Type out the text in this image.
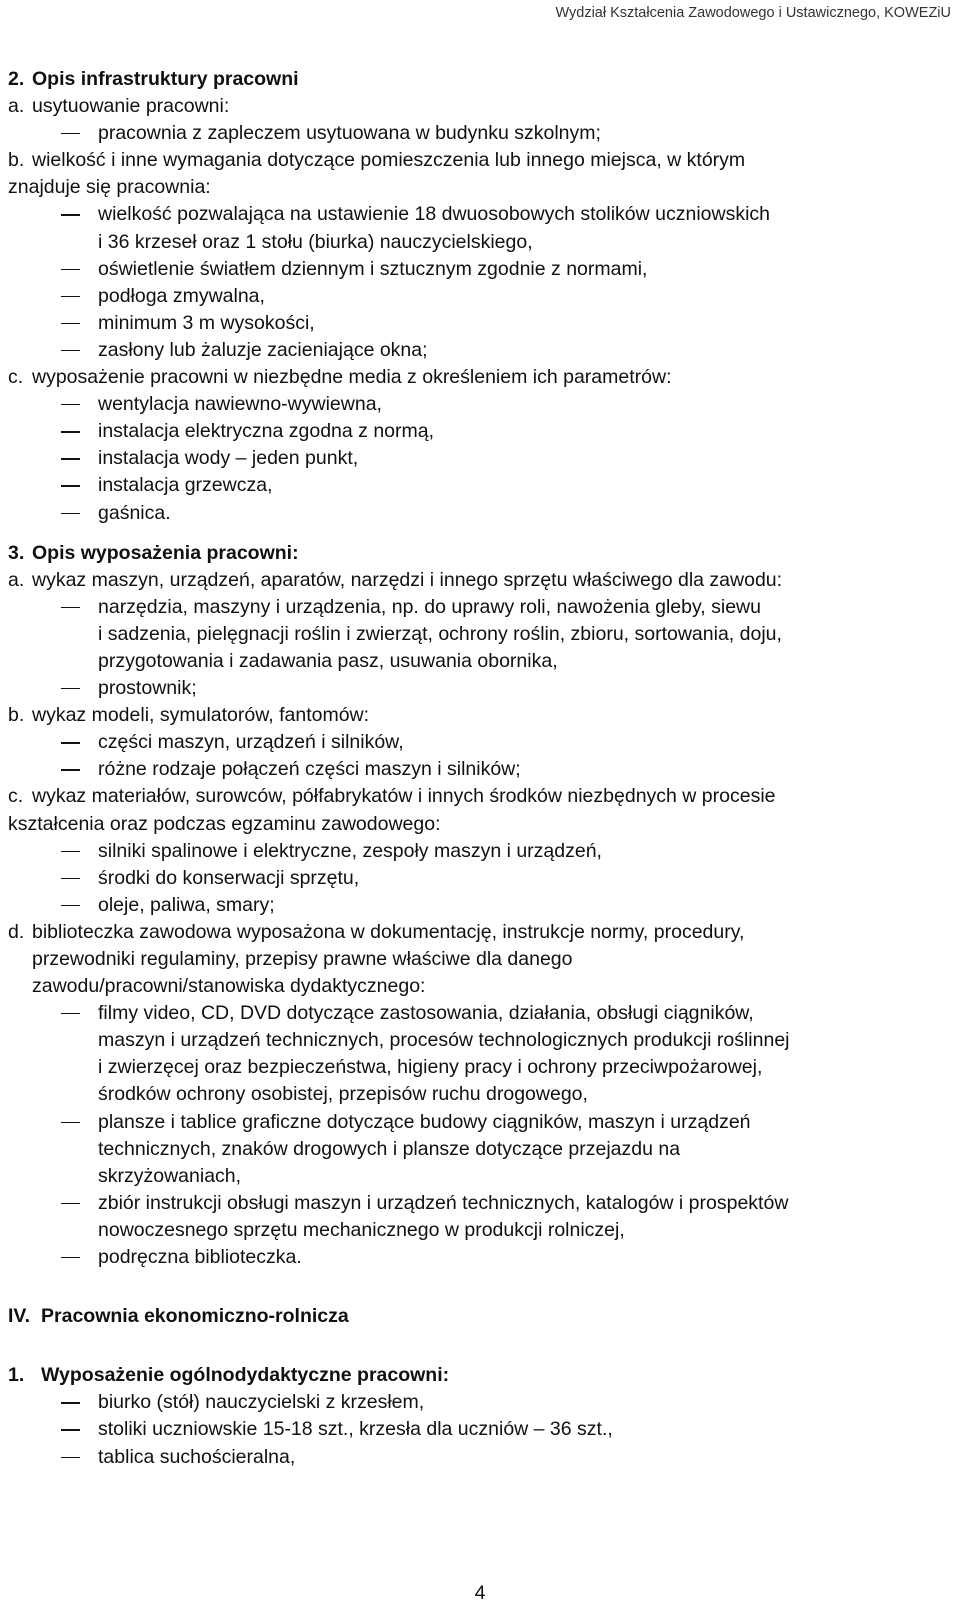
Wydział Kształcenia Zawodowego i Ustawicznego, KOWEZiU
2. Opis infrastruktury pracowni
a. usytuowanie pracowni:
pracownia z zapleczem usytuowana w budynku szkolnym;
b. wielkość i inne wymagania dotyczące pomieszczenia lub innego miejsca, w którym
znajduje się pracownia:
wielkość pozwalająca na ustawienie 18 dwuosobowych stolików uczniowskich
i 36 krzeseł oraz 1 stołu (biurka) nauczycielskiego,
oświetlenie światłem dziennym i sztucznym zgodnie z normami,
podłoga zmywalna,
minimum 3 m wysokości,
zasłony lub żaluzje zacieniające okna;
c. wyposażenie pracowni w niezbędne media z określeniem ich parametrów:
wentylacja nawiewno-wywiewna,
instalacja elektryczna zgodna z normą,
instalacja wody – jeden punkt,
instalacja grzewcza,
gaśnica.
3. Opis wyposażenia pracowni:
a. wykaz maszyn, urządzeń, aparatów, narzędzi i innego sprzętu właściwego dla zawodu:
narzędzia, maszyny i urządzenia, np. do uprawy roli, nawożenia gleby, siewu
i sadzenia, pielęgnacji roślin i zwierząt, ochrony roślin, zbioru, sortowania, doju,
przygotowania i zadawania pasz, usuwania obornika,
prostownik;
b. wykaz modeli, symulatorów, fantomów:
części maszyn, urządzeń i silników,
różne rodzaje połączeń części maszyn i silników;
c. wykaz materiałów, surowców, półfabrykatów i innych środków niezbędnych w procesie
kształcenia oraz podczas egzaminu zawodowego:
silniki spalinowe i elektryczne, zespoły maszyn i urządzeń,
środki do konserwacji sprzętu,
oleje, paliwa, smary;
d. biblioteczka zawodowa wyposażona w dokumentację, instrukcje normy, procedury,
przewodniki regulaminy, przepisy prawne właściwe dla danego
zawodu/pracowni/stanowiska dydaktycznego:
filmy video, CD, DVD dotyczące zastosowania, działania, obsługi ciągników,
maszyn i urządzeń technicznych, procesów technologicznych produkcji roślinnej
i zwierzęcej oraz bezpieczeństwa, higieny pracy i ochrony przeciwpożarowej,
środków ochrony osobistej, przepisów ruchu drogowego,
plansze i tablice graficzne dotyczące budowy ciągników, maszyn i urządzeń
technicznych, znaków drogowych i plansze dotyczące przejazdu na
skrzyżowaniach,
zbiór instrukcji obsługi maszyn i urządzeń technicznych, katalogów i prospektów
nowoczesnego sprzętu mechanicznego w produkcji rolniczej,
podręczna biblioteczka.
IV. Pracownia ekonomiczno-rolnicza
1. Wyposażenie ogólnodydaktyczne pracowni:
biurko (stół) nauczycielski z krzesłem,
stoliki uczniowskie 15-18 szt., krzesła dla uczniów – 36 szt.,
tablica suchościeralna,
4
